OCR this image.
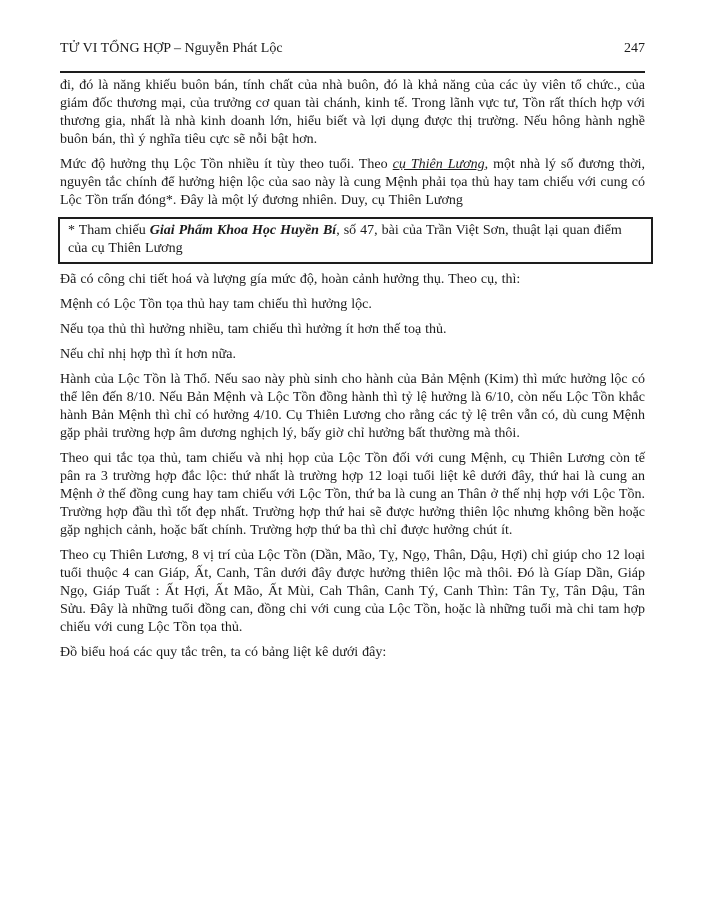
TỬ VI TỔNG HỢP – Nguyễn Phát Lộc	247

đi, đó là năng khiếu buôn bán, tính chất của nhà buôn, đó là khả năng của các ủy viên tổ chức., của giám đốc thương mại, của trưởng cơ quan tài chánh, kinh tế. Trong lãnh vực tư, Tồn rất thích hợp với thương gia, nhất là nhà kinh doanh lớn, hiểu biết và lợi dụng được thị trường. Nếu hông hành nghề buôn bán, thì ý nghĩa tiêu cực sẽ nỗi bật hơn.

Mức độ hưởng thụ Lộc Tồn nhiều ít tùy theo tuổi. Theo cụ Thiên Lương, một nhà lý số đương thời, nguyên tắc chính để hưởng hiện lộc của sao này là cung Mệnh phải tọa thủ hay tam chiếu với cung có Lộc Tồn trấn đóng*. Đây là một lý đương nhiên. Duy, cụ Thiên Lương

* Tham chiếu Giai Phẩm Khoa Học Huyền Bí, số 47, bài của Trần Việt Sơn, thuật lại quan điểm của cụ Thiên Lương

Đã có công chi tiết hoá và lượng gía mức độ, hoàn cảnh hưởng thụ. Theo cụ, thì:

Mệnh có Lộc Tồn tọa thủ hay tam chiếu thì hưởng lộc.

Nếu tọa thủ thì hưởng nhiều, tam chiếu thì hưởng ít hơn thế toạ thủ.

Nếu chỉ nhị hợp thì ít hơn nữa.

Hành của Lộc Tồn là Thổ. Nếu sao này phù sinh cho hành của Bản Mệnh (Kim) thì mức hưởng lộc có thể lên đến 8/10. Nếu Bản Mệnh và Lộc Tồn đồng hành thì tỷ lệ hưởng là 6/10, còn nếu Lộc Tồn khắc hành Bản Mệnh thì chỉ có hưởng 4/10. Cụ Thiên Lương cho rằng các tỷ lệ trên vẫn có, dù cung Mệnh gặp phải trường hợp âm dương nghịch lý, bấy giờ chỉ hưởng bất thường mà thôi.

Theo qui tắc tọa thủ, tam chiếu và nhị họp của Lộc Tồn đối với cung Mệnh, cụ Thiên Lương còn tế pân ra 3 trường hợp đắc lộc: thứ nhất là trường hợp 12 loại tuổi liệt kê dưới đây, thứ hai là cung an Mệnh ở thế đồng cung hay tam chiếu với Lộc Tồn, thứ ba là cung an Thân ở thế nhị hợp với Lộc Tồn. Trường hợp đầu thì tốt đẹp nhất. Trường hợp thứ hai sẽ được hưởng thiên lộc nhưng không bền hoặc gặp nghịch cảnh, hoặc bất chính. Trường hợp thứ ba thì chỉ được hưởng chút ít.

Theo cụ Thiên Lương, 8 vị trí của Lộc Tồn (Dần, Mão, Tỵ, Ngọ, Thân, Dậu, Hợi) chỉ giúp cho 12 loại tuổi thuộc 4 can Giáp, Ất, Canh, Tân dưới đây được hưởng thiên lộc mà thôi. Đó là Gíap Dần, Giáp Ngọ, Giáp Tuất : Ất Hợi, Ất Mão, Ất Mùi, Cah Thân, Canh Tý, Canh Thìn: Tân Tỵ, Tân Dậu, Tân Sửu. Đây là những tuổi đồng can, đồng chi với cung của Lộc Tồn, hoặc là những tuổi mà chi tam hợp chiếu với cung Lộc Tồn tọa thủ.

Đồ biểu hoá các quy tắc trên, ta có bảng liệt kê dưới đây:
